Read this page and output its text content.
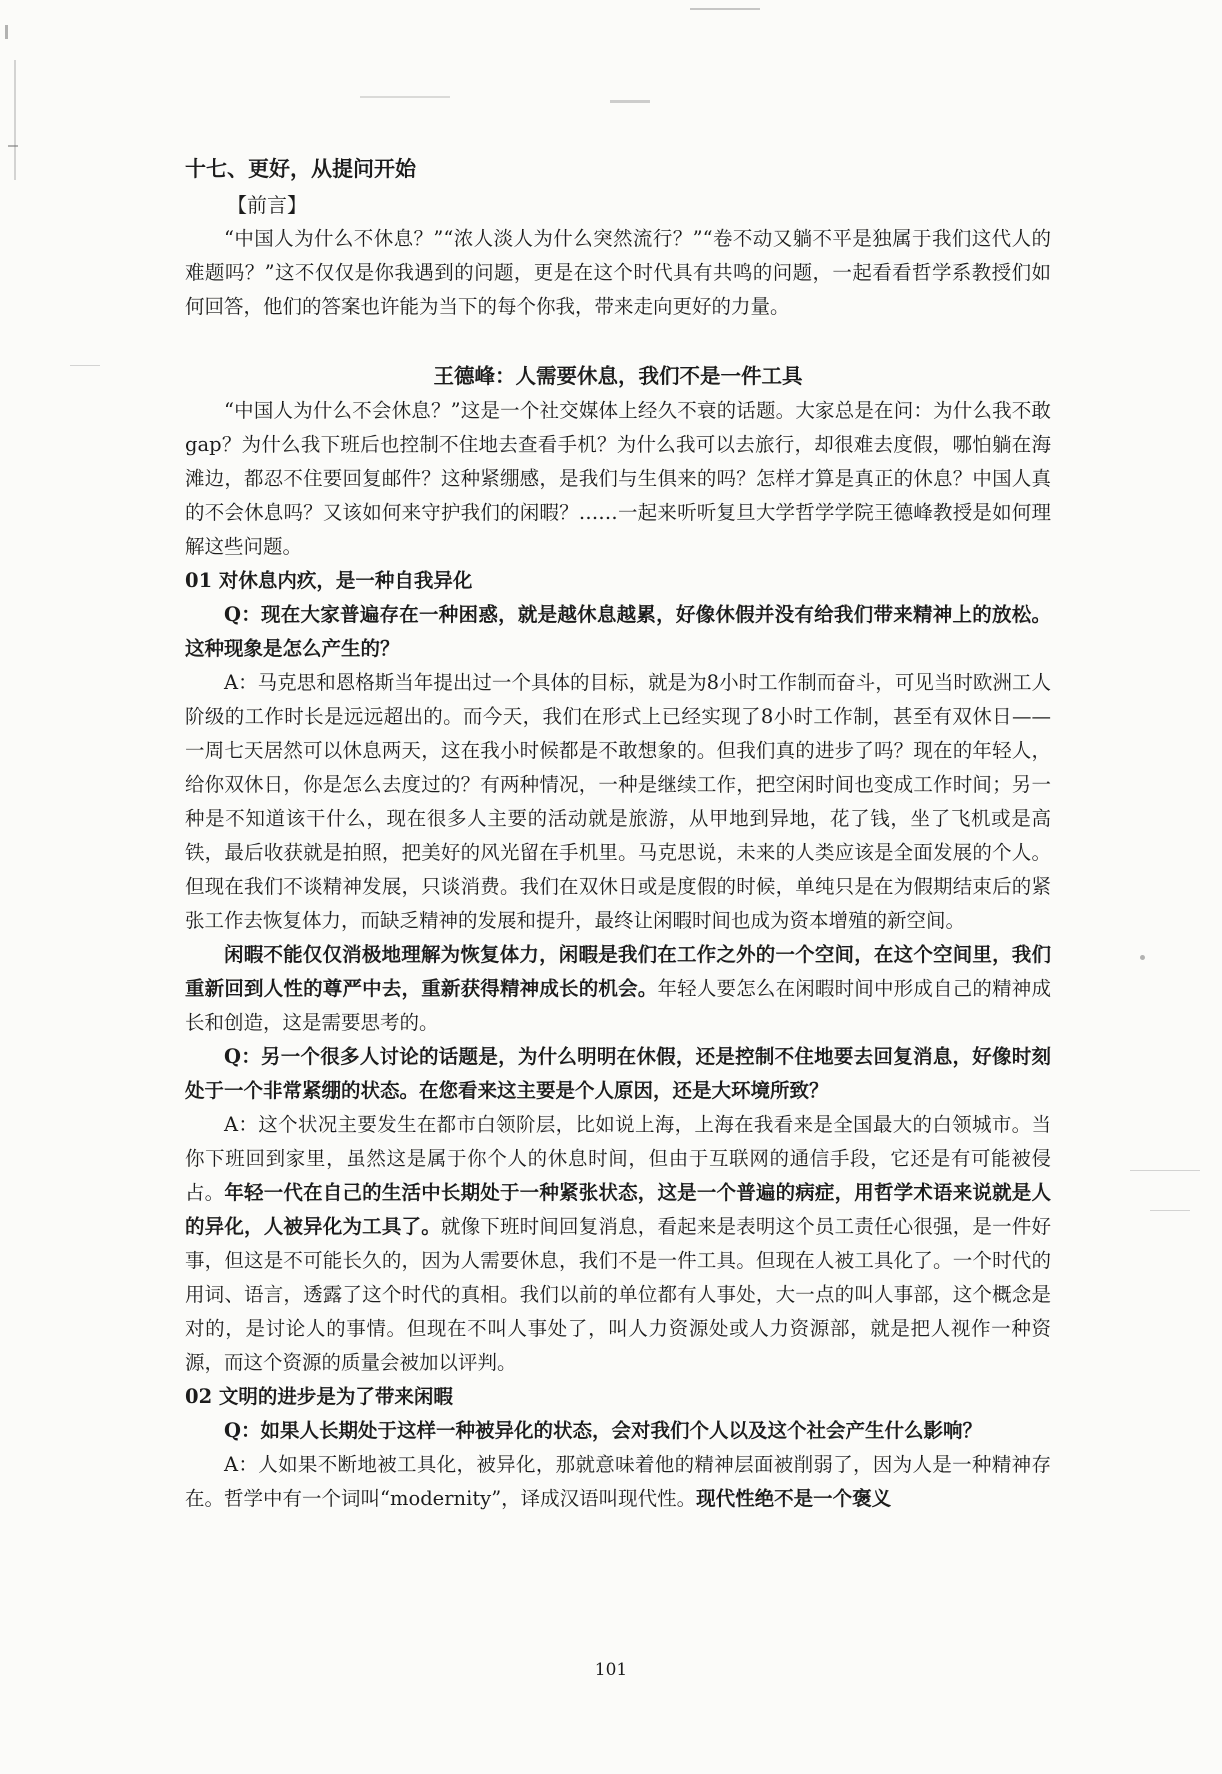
十七、更好，从提问开始
【前言】

“中国人为什么不休息？”“浓人淡人为什么突然流行？”“卷不动又躺不平是独属于我们这代人的难题吗？”这不仅仅是你我遇到的问题，更是在这个时代具有共鸣的问题，一起看看哲学系教授们如何回答，他们的答案也许能为当下的每个你我，带来走向更好的力量。

王德峰：人需要休息，我们不是一件工具

“中国人为什么不会休息？”这是一个社交媒体上经久不衰的话题。大家总是在问：为什么我不敢gap？为什么我下班后也控制不住地去查看手机？为什么我可以去旅行，却很难去度假，哪怕躺在海滩边，都忍不住要回复邮件？这种紧绷感，是我们与生俱来的吗？怎样才算是真正的休息？中国人真的不会休息吗？又该如何来守护我们的闲暇？……一起来听听复旦大学哲学学院王德峰教授是如何理解这些问题。

01 对休息内疚，是一种自我异化

Q：现在大家普遍存在一种困惑，就是越休息越累，好像休假并没有给我们带来精神上的放松。这种现象是怎么产生的？

A：马克思和恩格斯当年提出过一个具体的目标，就是为8小时工作制而奋斗，可见当时欧洲工人阶级的工作时长是远远超出的。而今天，我们在形式上已经实现了8小时工作制，甚至有双休日——一周七天居然可以休息两天，这在我小时候都是不敢想象的。但我们真的进步了吗？现在的年轻人，给你双休日，你是怎么去度过的？有两种情况，一种是继续工作，把空闲时间也变成工作时间；另一种是不知道该干什么，现在很多人主要的活动就是旅游，从甲地到异地，花了钱，坐了飞机或是高铁，最后收获就是拍照，把美好的风光留在手机里。马克思说，未来的人类应该是全面发展的个人。但现在我们不谈精神发展，只谈消费。我们在双休日或是度假的时候，单纯只是在为假期结束后的紧张工作去恢复体力，而缺乏精神的发展和提升，最终让闲暇时间也成为资本增殖的新空间。

闲暇不能仅仅消极地理解为恢复体力，闲暇是我们在工作之外的一个空间，在这个空间里，我们重新回到人性的尊严中去，重新获得精神成长的机会。年轻人要怎么在闲暇时间中形成自己的精神成长和创造，这是需要思考的。

Q：另一个很多人讨论的话题是，为什么明明在休假，还是控制不住地要去回复消息，好像时刻处于一个非常紧绷的状态。在您看来这主要是个人原因，还是大环境所致？

A：这个状况主要发生在都市白领阶层，比如说上海，上海在我看来是全国最大的白领城市。当你下班回到家里，虽然这是属于你个人的休息时间，但由于互联网的通信手段，它还是有可能被侵占。年轻一代在自己的生活中长期处于一种紧张状态，这是一个普遍的病症，用哲学术语来说就是人的异化，人被异化为工具了。就像下班时间回复消息，看起来是表明这个员工责任心很强，是一件好事，但这是不可能长久的，因为人需要休息，我们不是一件工具。但现在人被工具化了。一个时代的用词、语言，透露了这个时代的真相。我们以前的单位都有人事处，大一点的叫人事部，这个概念是对的，是讨论人的事情。但现在不叫人事处了，叫人力资源处或人力资源部，就是把人视作一种资源，而这个资源的质量会被加以评判。

02 文明的进步是为了带来闲暇

Q：如果人长期处于这样一种被异化的状态，会对我们个人以及这个社会产生什么影响？

A：人如果不断地被工具化，被异化，那就意味着他的精神层面被削弱了，因为人是一种精神存在。哲学中有一个词叫“modernity”，译成汉语叫现代性。现代性绝不是一个褒义

101
